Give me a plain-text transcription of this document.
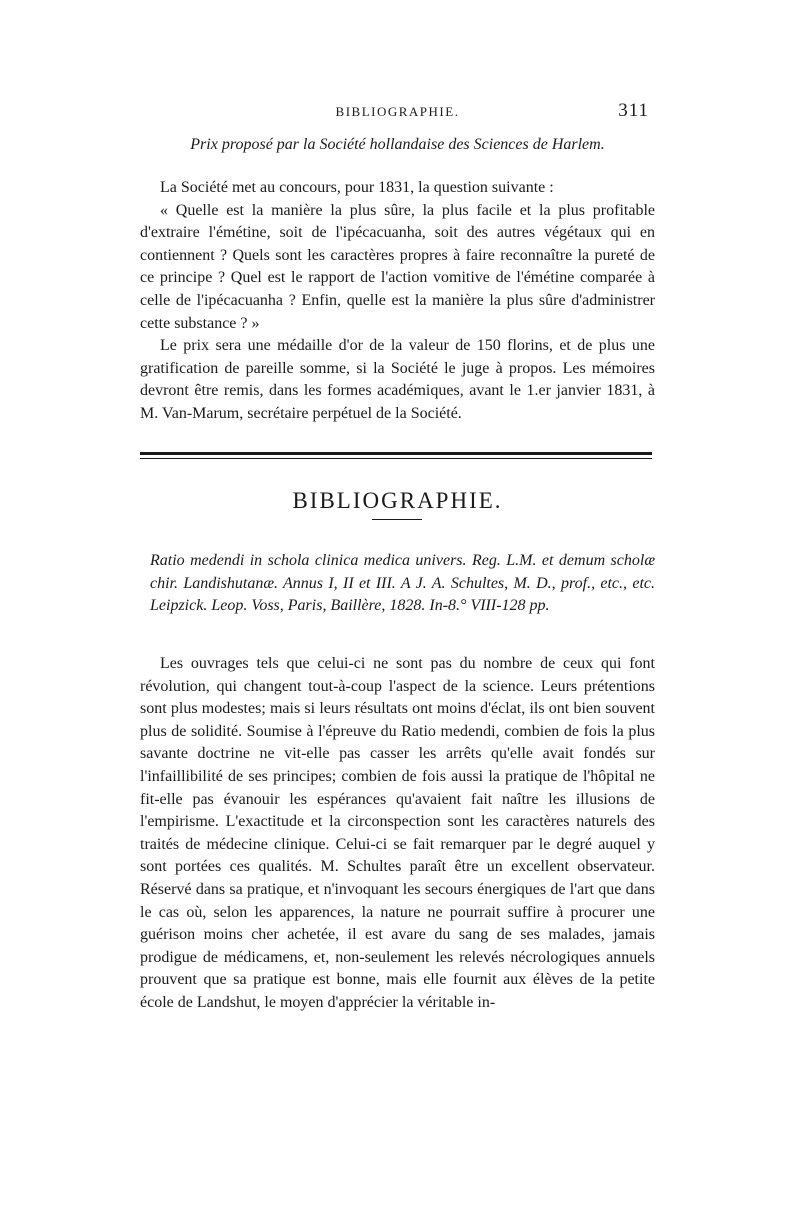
BIBLIOGRAPHIE.	311
Prix proposé par la Société hollandaise des Sciences de Harlem.

La Société met au concours, pour 1831, la question suivante :

« Quelle est la manière la plus sûre, la plus facile et la plus profitable d'extraire l'émétine, soit de l'ipécacuanha, soit des autres végétaux qui en contiennent ? Quels sont les caractères propres à faire reconnaître la pureté de ce principe ? Quel est le rapport de l'action vomitive de l'émétine comparée à celle de l'ipécacuanha ? Enfin, quelle est la manière la plus sûre d'administrer cette substance ? »

Le prix sera une médaille d'or de la valeur de 150 florins, et de plus une gratification de pareille somme, si la Société le juge à propos. Les mémoires devront être remis, dans les formes académiques, avant le 1.er janvier 1831, à M. Van-Marum, secrétaire perpétuel de la Société.

BIBLIOGRAPHIE.
Ratio medendi in schola clinica medica univers. Reg. L.M. et demum scholæ chir. Landishutanæ. Annus I, II et III. A J. A. Schultes, M. D., prof., etc., etc. Leipzick. Leop. Voss, Paris, Baillère, 1828. In-8.° VIII-128 pp.

Les ouvrages tels que celui-ci ne sont pas du nombre de ceux qui font révolution, qui changent tout-à-coup l'aspect de la science. Leurs prétentions sont plus modestes; mais si leurs résultats ont moins d'éclat, ils ont bien souvent plus de solidité. Soumise à l'épreuve du Ratio medendi, combien de fois la plus savante doctrine ne vit-elle pas casser les arrêts qu'elle avait fondés sur l'infaillibilité de ses principes; combien de fois aussi la pratique de l'hôpital ne fit-elle pas évanouir les espérances qu'avaient fait naître les illusions de l'empirisme. L'exactitude et la circonspection sont les caractères naturels des traités de médecine clinique. Celui-ci se fait remarquer par le degré auquel y sont portées ces qualités. M. Schultes paraît être un excellent observateur. Réservé dans sa pratique, et n'invoquant les secours énergiques de l'art que dans le cas où, selon les apparences, la nature ne pourrait suffire à procurer une guérison moins cher achetée, il est avare du sang de ses malades, jamais prodigue de médicamens, et, non-seulement les relevés nécrologiques annuels prouvent que sa pratique est bonne, mais elle fournit aux élèves de la petite école de Landshut, le moyen d'apprécier la véritable in-
